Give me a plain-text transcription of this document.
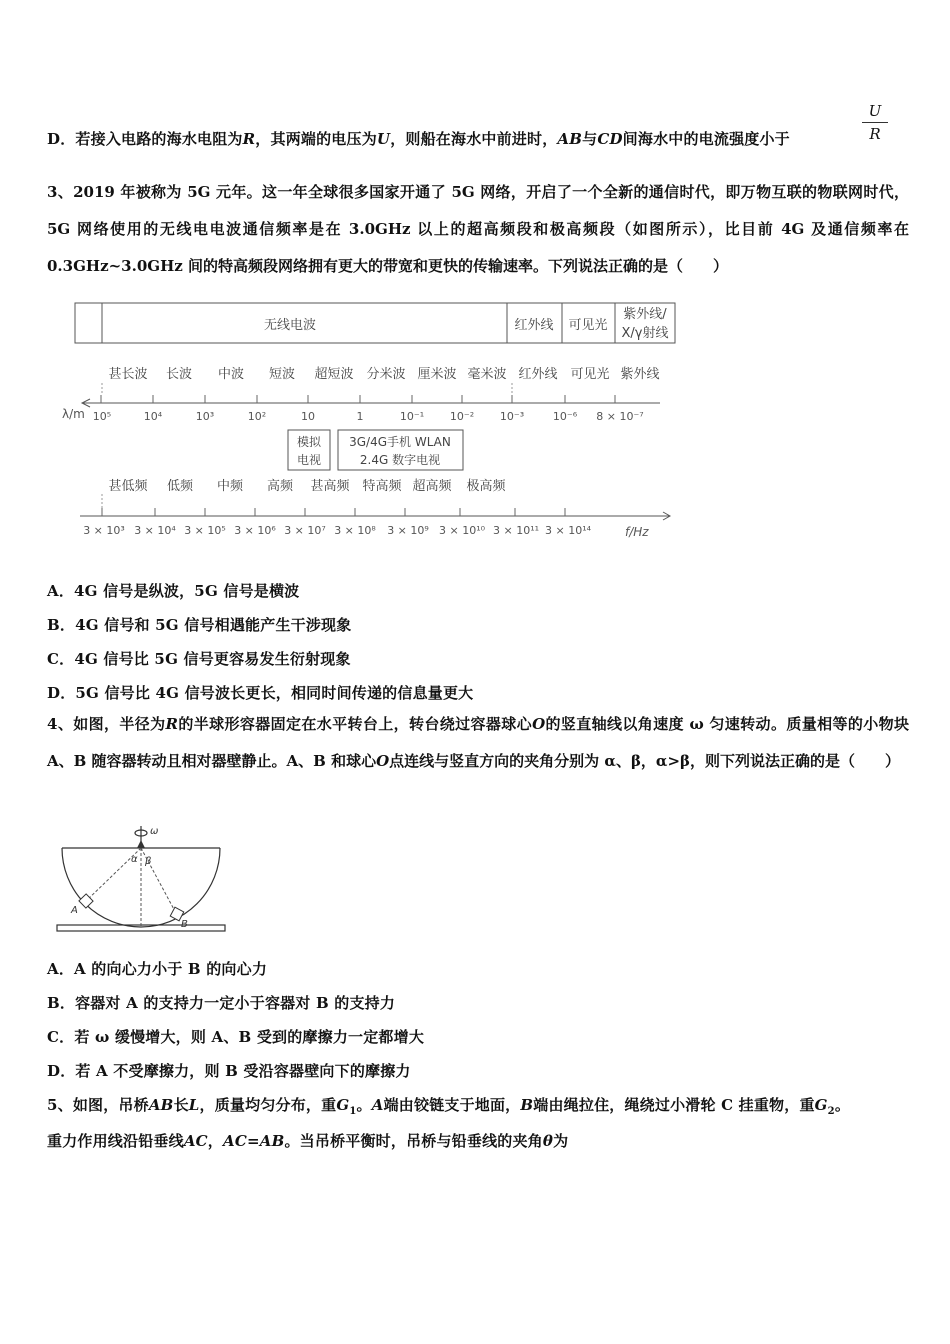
$\frac{U}{R}$
D．若接入电路的海水电阻为R，其两端的电压为U，则船在海水中前进时，AB与CD间海水中的电流强度小于
3、2019 年被称为 5G 元年。这一年全球很多国家开通了 5G 网络，开启了一个全新的通信时代，即万物互联的物联网时代，5G 网络使用的无线电电波通信频率是在 3.0GHz 以上的超高频段和极高频段（如图所示），比目前 4G 及通信频率在 0.3GHz~3.0GHz 间的特高频段网络拥有更大的带宽和更快的传输速率。下列说法正确的是（　　）
无线电波	红外线 可见光
紫外线/
X/γ射线
甚长波 长波 中波 短波 超短波 分米波 厘米波 毫米波 红外线 可见光 紫外线
λ/m 10⁵	10⁴	10³	10²	10	1	10⁻¹ 10⁻² 10⁻³	10⁻⁶ 8 × 10⁻⁷
模拟
电视
3G/4G手机 WLAN
2.4G 数字电视
甚低频 低频 中频 高频 甚高频 特高频 超高频 极高频
3 × 10³ 3 × 10⁴ 3 × 10⁵ 3 × 10⁶ 3 × 10⁷ 3 × 10⁸ 3 × 10⁹ 3 × 10¹⁰ 3 × 10¹¹ 3 × 10¹⁴	f/Hz
A．4G 信号是纵波，5G 信号是横波
B．4G 信号和 5G 信号相遇能产生干涉现象
C．4G 信号比 5G 信号更容易发生衍射现象
D．5G 信号比 4G 信号波长更长，相同时间传递的信息量更大
4、如图，半径为R的半球形容器固定在水平转台上，转台绕过容器球心O的竖直轴线以角速度 ω 匀速转动。质量相等的小物块 A、B 随容器转动且相对器壁静止。A、B 和球心O点连线与竖直方向的夹角分别为 α、β，α>β，则下列说法正确的是（　　）
ω
α β
A
B
A．A 的向心力小于 B 的向心力
B．容器对 A 的支持力一定小于容器对 B 的支持力
C．若 ω 缓慢增大，则 A、B 受到的摩擦力一定都增大
D．若 A 不受摩擦力，则 B 受沿容器壁向下的摩擦力
5、如图，吊桥AB长L，质量均匀分布，重$G_1$。A端由铰链支于地面，B端由绳拉住，绳绕过小滑轮 C 挂重物，重$G_2$。
重力作用线沿铅垂线AC，AC=AB。当吊桥平衡时，吊桥与铅垂线的夹角θ为
